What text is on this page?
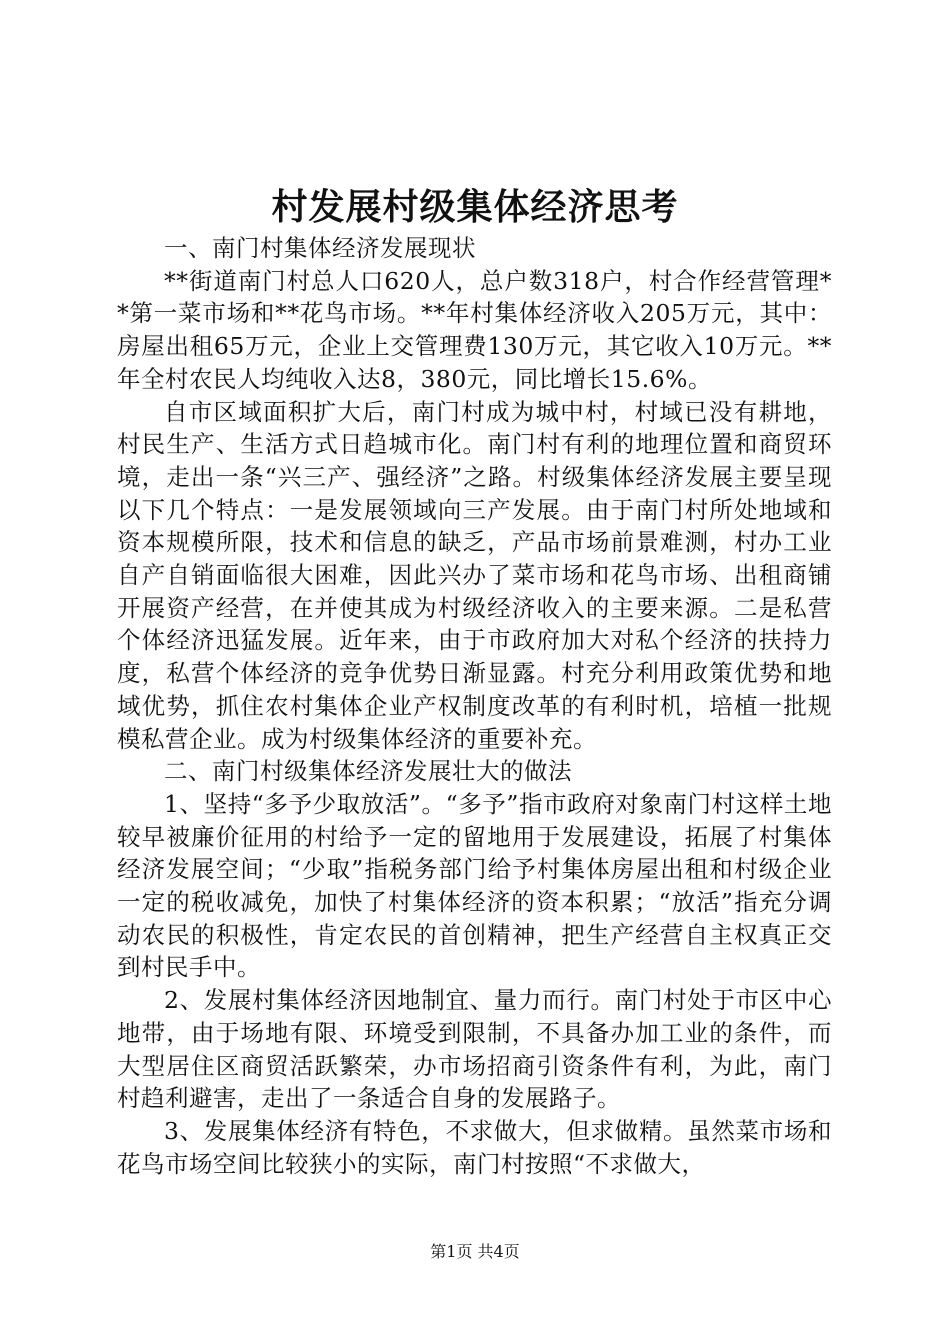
村发展村级集体经济思考

一、南门村集体经济发展现状

**街道南门村总人口620人，总户数318户，村合作经营管理**第一菜市场和**花鸟市场。**年村集体经济收入205万元，其中：房屋出租65万元，企业上交管理费130万元，其它收入10万元。**年全村农民人均纯收入达8，380元，同比增长15.6%。

自市区域面积扩大后，南门村成为城中村，村域已没有耕地，村民生产、生活方式日趋城市化。南门村有利的地理位置和商贸环境，走出一条“兴三产、强经济”之路。村级集体经济发展主要呈现以下几个特点：一是发展领域向三产发展。由于南门村所处地域和资本规模所限，技术和信息的缺乏，产品市场前景难测，村办工业自产自销面临很大困难，因此兴办了菜市场和花鸟市场、出租商铺开展资产经营，在并使其成为村级经济收入的主要来源。二是私营个体经济迅猛发展。近年来，由于市政府加大对私个经济的扶持力度，私营个体经济的竞争优势日渐显露。村充分利用政策优势和地域优势，抓住农村集体企业产权制度改革的有利时机，培植一批规模私营企业。成为村级集体经济的重要补充。

二、南门村级集体经济发展壮大的做法

1、坚持“多予少取放活”。“多予”指市政府对象南门村这样土地较早被廉价征用的村给予一定的留地用于发展建设，拓展了村集体经济发展空间；“少取”指税务部门给予村集体房屋出租和村级企业一定的税收减免，加快了村集体经济的资本积累；“放活”指充分调动农民的积极性，肯定农民的首创精神，把生产经营自主权真正交到村民手中。

2、发展村集体经济因地制宜、量力而行。南门村处于市区中心地带，由于场地有限、环境受到限制，不具备办加工业的条件，而大型居住区商贸活跃繁荣，办市场招商引资条件有利，为此，南门村趋利避害，走出了一条适合自身的发展路子。

3、发展集体经济有特色，不求做大，但求做精。虽然菜市场和花鸟市场空间比较狭小的实际，南门村按照“不求做大，

第1页 共4页
